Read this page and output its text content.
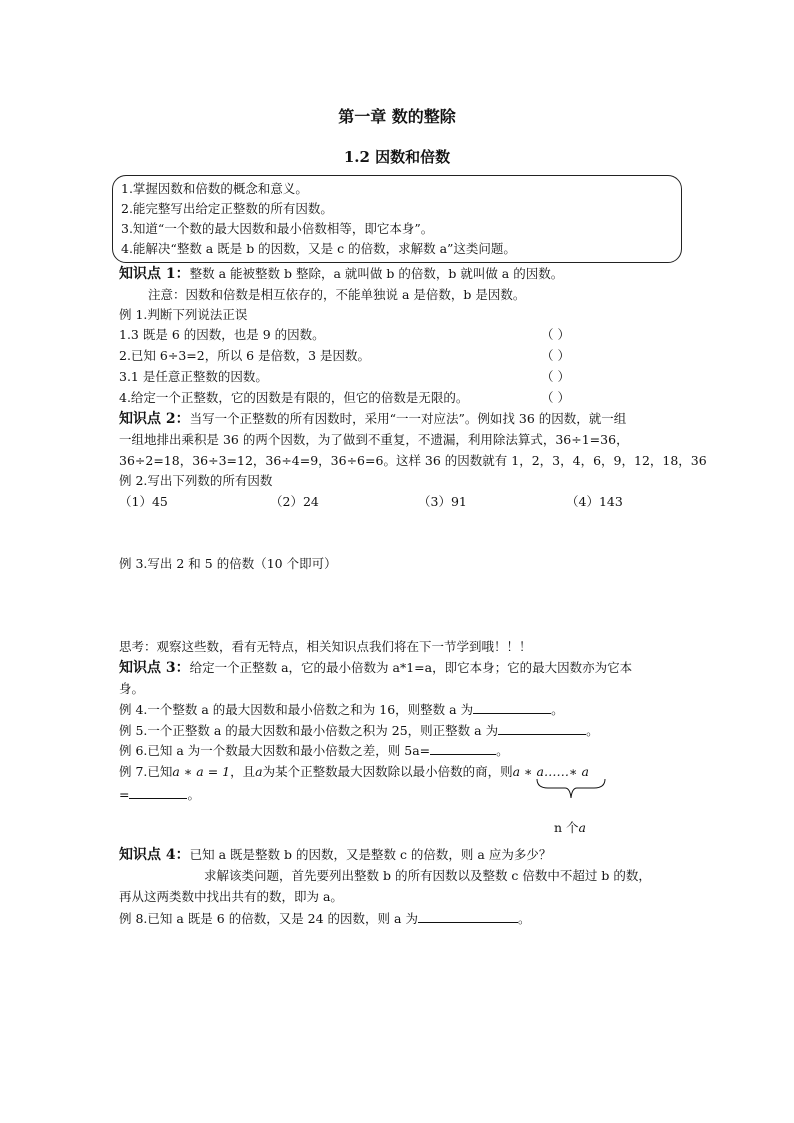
第一章 数的整除
1.2 因数和倍数
1.掌握因数和倍数的概念和意义。
2.能完整写出给定正整数的所有因数。
3.知道“一个数的最大因数和最小倍数相等，即它本身”。
4.能解决“整数 a 既是 b 的因数，又是 c 的倍数，求解数 a”这类问题。
知识点 1：整数 a 能被整数 b 整除，a 就叫做 b 的倍数，b 就叫做 a 的因数。
注意：因数和倍数是相互依存的，不能单独说 a 是倍数，b 是因数。
例 1.判断下列说法正误
1.3 既是 6 的因数，也是 9 的因数。	（ ）
2.已知 6÷3=2，所以 6 是倍数，3 是因数。	（ ）
3.1 是任意正整数的因数。	（ ）
4.给定一个正整数，它的因数是有限的，但它的倍数是无限的。	（ ）
知识点 2：当写一个正整数的所有因数时，采用“一一对应法”。例如找 36 的因数，就一组
一组地排出乘积是 36 的两个因数，为了做到不重复，不遗漏，利用除法算式，36÷1=36，
36÷2=18，36÷3=12，36÷4=9，36÷6=6。这样 36 的因数就有 1，2，3，4，6，9，12，18，36
例 2.写出下列数的所有因数
（1）45	（2）24	（3）91	（4）143
例 3.写出 2 和 5 的倍数（10 个即可）
思考：观察这些数，看有无特点，相关知识点我们将在下一节学到哦！！！
知识点 3：给定一个正整数 a，它的最小倍数为 a*1=a，即它本身；它的最大因数亦为它本
身。
例 4.一个整数 a 的最大因数和最小倍数之和为 16，则整数 a 为	。
例 5.一个正整数 a 的最大因数和最小倍数之积为 25，则正整数 a 为	。
例 6.已知 a 为一个数最大因数和最小倍数之差，则 5a=	。
例 7.已知𝑎 ∗ 𝑎 = 1，且𝑎为某个正整数最大因数除以最小倍数的商，则𝑎 ∗ 𝑎……∗ 𝑎
=	。
n 个𝑎
知识点 4：已知 a 既是整数 b 的因数，又是整数 c 的倍数，则 a 应为多少？
求解该类问题，首先要列出整数 b 的所有因数以及整数 c 倍数中不超过 b 的数，
再从这两类数中找出共有的数，即为 a。
例 8.已知 a 既是 6 的倍数，又是 24 的因数，则 a 为	。
